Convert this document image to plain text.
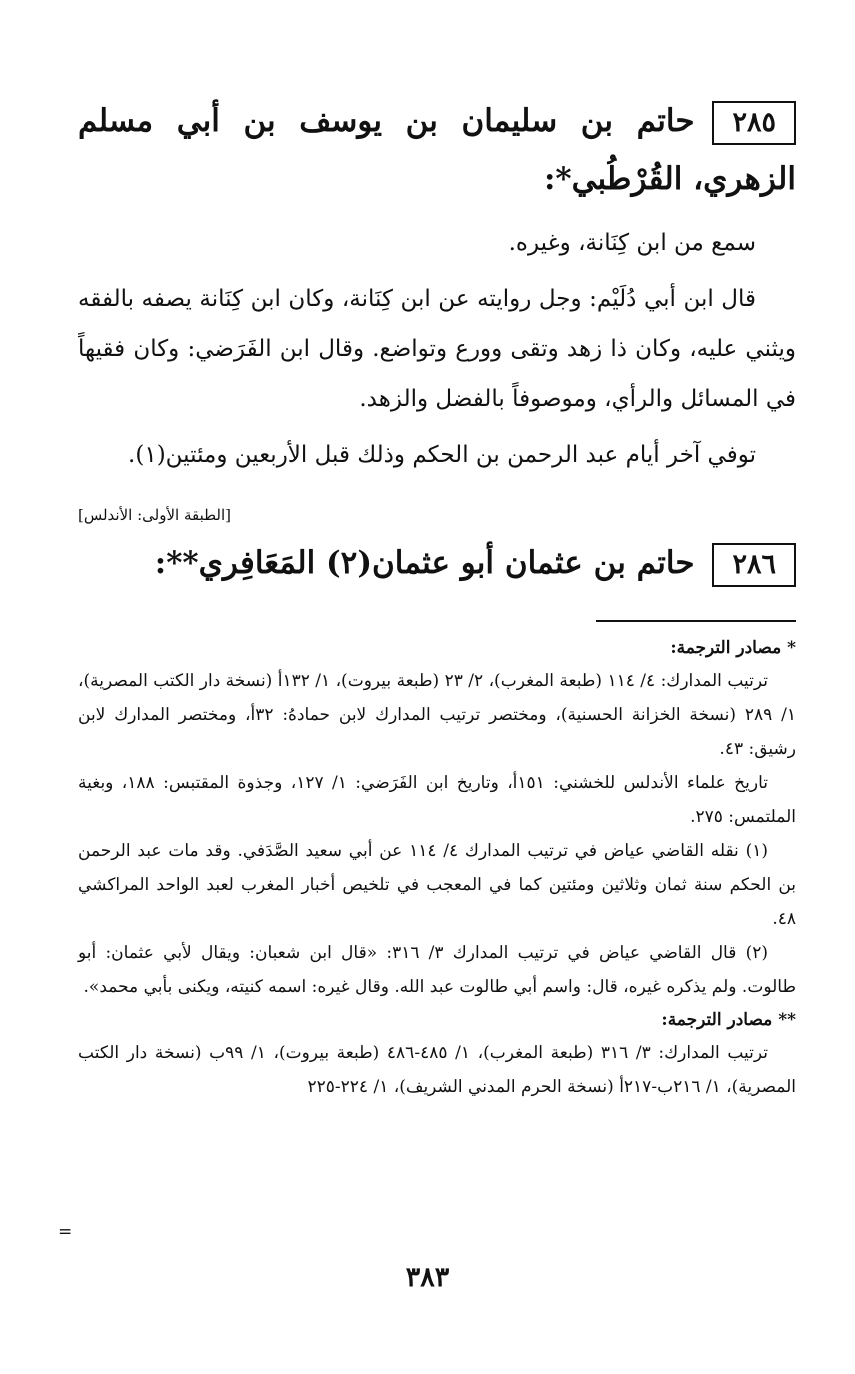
٢٨٥حاتم بن سليمان بن يوسف بن أبي مسلم الزهري، القُرْطُبي*:

سمع من ابن كِنَانة، وغيره.

قال ابن أبي دُلَيْم: وجل روايته عن ابن كِنَانة، وكان ابن كِنَانة يصفه بالفقه ويثني عليه، وكان ذا زهد وتقى وورع وتواضع. وقال ابن الفَرَضي: وكان فقيهاً في المسائل والرأي، وموصوفاً بالفضل والزهد.

توفي آخر أيام عبد الرحمن بن الحكم وذلك قبل الأربعين ومئتين(١).

[الطبقة الأولى: الأندلس]

٢٨٦حاتم بن عثمان أبو عثمان(٢) المَعَافِري**:

* مصادر الترجمة:

ترتيب المدارك: ٤/ ١١٤ (طبعة المغرب)، ٢/ ٢٣ (طبعة بيروت)، ١/ ١٣٢أ (نسخة دار الكتب المصرية)، ١/ ٢٨٩ (نسخة الخزانة الحسنية)، ومختصر ترتيب المدارك لابن حمادهُ: ٣٢أ، ومختصر المدارك لابن رشيق: ٤٣.

تاريخ علماء الأندلس للخشني: ١٥١أ، وتاريخ ابن الفَرَضي: ١/ ١٢٧، وجذوة المقتبس: ١٨٨، وبغية الملتمس: ٢٧٥.

(١) نقله القاضي عياض في ترتيب المدارك ٤/ ١١٤ عن أبي سعيد الصَّدَفي. وقد مات عبد الرحمن بن الحكم سنة ثمان وثلاثين ومئتين كما في المعجب في تلخيص أخبار المغرب لعبد الواحد المراكشي ٤٨.

(٢) قال القاضي عياض في ترتيب المدارك ٣/ ٣١٦: «قال ابن شعبان: ويقال لأبي عثمان: أبو طالوت. ولم يذكره غيره، قال: واسم أبي طالوت عبد الله. وقال غيره: اسمه كنيته، ويكنى بأبي محمد».

** مصادر الترجمة:

ترتيب المدارك: ٣/ ٣١٦ (طبعة المغرب)، ١/ ٤٨٥-٤٨٦ (طبعة بيروت)، ١/ ٩٩ب (نسخة دار الكتب المصرية)، ١/ ٢١٦ب-٢١٧أ (نسخة الحرم المدني الشريف)، ١/ ٢٢٤-٢٢٥

=
٣٨٣
